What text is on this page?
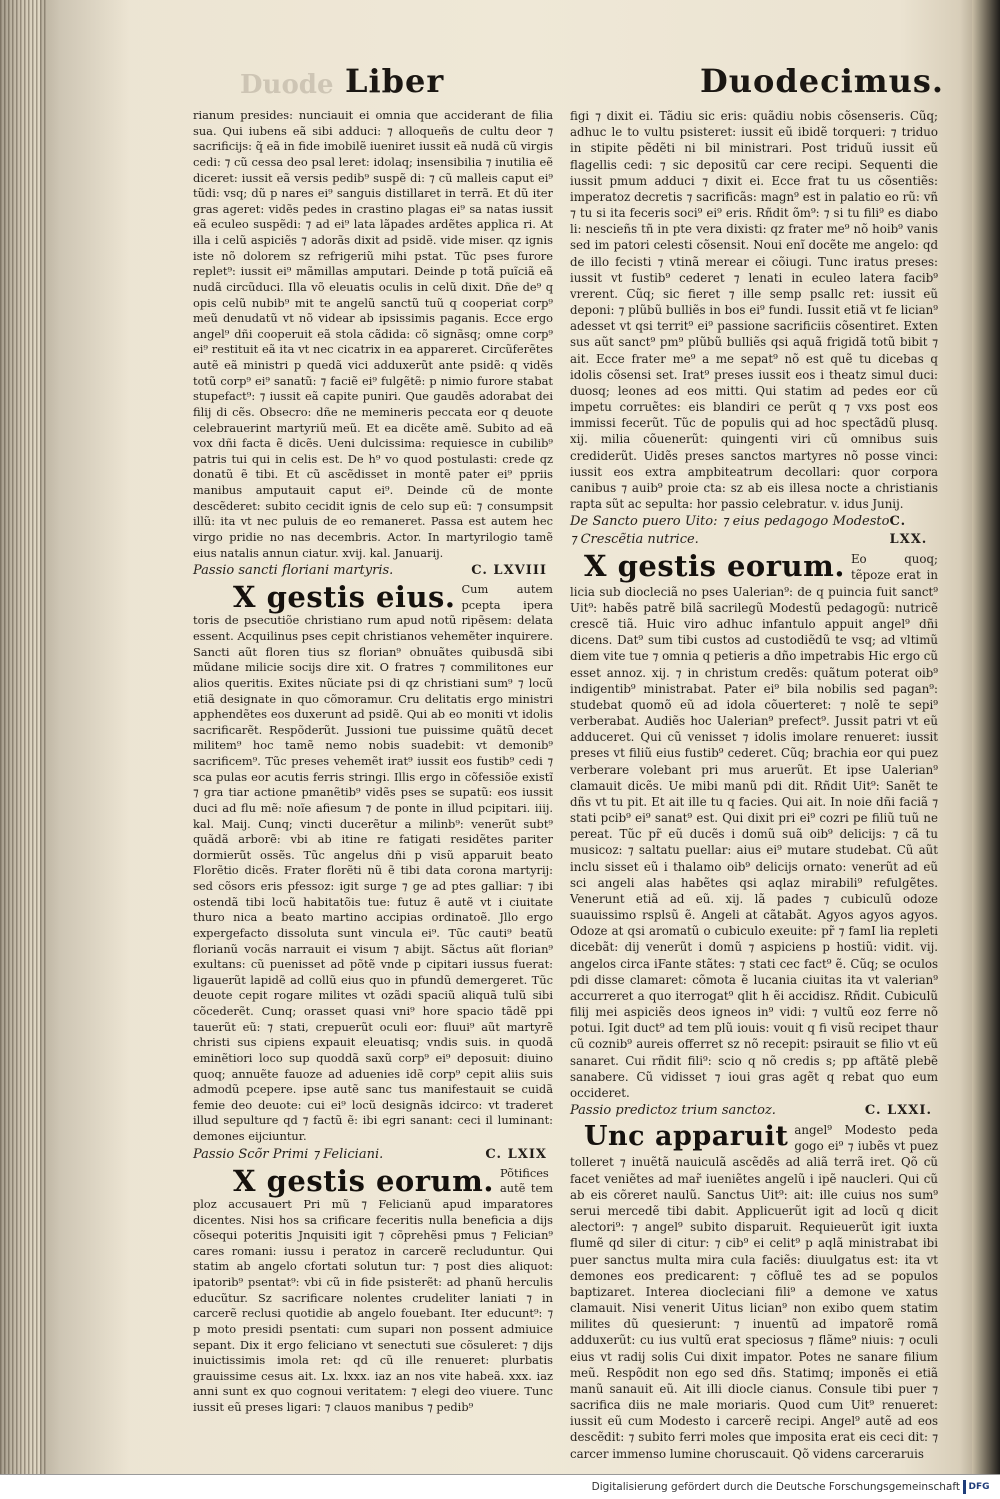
Duode Liber	Duodecimus.

rianum presides: nunciauit ei omnia que acciderant de filia sua. Qui iubens eã sibi adduci: ⁊ alloqueñs de cultu deor ⁊ sacrificijs: q̃ eã in fide imobilẽ iueniret iussit eã nudã cũ virgis cedi: ⁊ cũ cessa deo psal leret: idolaq; insensibilia ⁊ inutilia eẽ diceret: iussit eã versis pedib⁹ suspẽ di: ⁊ cũ malleis caput ei⁹ tũdi: vsq; dũ p nares ei⁹ sanguis distillaret in terrã. Et dũ iter gras ageret: vidẽs pedes in crastino plagas ei⁹ sa natas iussit eã eculeo suspẽdi: ⁊ ad ei⁹ lata lãpades ardẽtes applica ri. At illa i celũ aspiciẽs ⁊ adorãs dixit ad psidẽ. vide miser. qz ignis iste nõ dolorem sz refrigeriũ mihi pstat. Tũc pses furore replet⁹: iussit ei⁹ mãmillas amputari. Deinde p totã puĩciã eã nudã circũduci. Illa võ eleuatis oculis in celũ dixit. Dñe de⁹ q opis celũ nubib⁹ mit te angelũ sanctũ tuũ q cooperiat corp⁹ meũ denudatũ vt nõ videar ab ipsissimis paganis. Ecce ergo angel⁹ dñi cooperuit eã stola cãdida: cõ signãsq; omne corp⁹ ei⁹ restituit eã ita vt nec cicatrix in ea appareret. Circũferẽtes autẽ eã ministri p quedã vici adduxerũt ante psidẽ: q vidẽs totũ corp⁹ ei⁹ sanatũ: ⁊ faciẽ ei⁹ fulgẽtẽ: p nimio furore stabat stupefact⁹: ⁊ iussit eã capite puniri. Que gaudẽs adorabat dei filij di cẽs. Obsecro: dñe ne memineris peccata eor q deuote celebrauerint martyriũ meũ. Et ea dicẽte amẽ. Subito ad eã vox dñi facta ẽ dicẽs. Ueni dulcissima: requiesce in cubilib⁹ patris tui qui in celis est. De h⁹ vo quod postulasti: crede qz donatũ ẽ tibi. Et cũ ascẽdisset in montẽ pater ei⁹ ppriis manibus amputauit caput ei⁹. Deinde cũ de monte descẽderet: subito cecidit ignis de celo sup eũ: ⁊ consumpsit illũ: ita vt nec puluis de eo remaneret. Passa est autem hec virgo pridie no nas decembris. Actor. In martyrilogio tamẽ eius natalis annun ciatur. xvij. kal. Januarij.

Passio sancti floriani martyris.	C. LXVIII
X gestis eius. Cum autem pcepta ipera toris de psecutiõe christiano rum apud notũ ripẽsem: delata essent. Acquilinus pses cepit christianos vehemẽter inquirere. Sancti aũt floren tius sz florian⁹ obnuãtes quibusdã sibi mũdane milicie socijs dire xit. O fratres ⁊ commilitones eur alios queritis. Exites nũciate psi di qz christiani sum⁹ ⁊ locũ etiã designate in quo cõmoramur. Cru delitatis ergo ministri apphendẽtes eos duxerunt ad psidẽ. Qui ab eo moniti vt idolis sacrificarẽt. Respõderũt. Jussioni tue puissime quãtũ decet militem⁹ hoc tamẽ nemo nobis suadebit: vt demonib⁹ sacrificem⁹. Tũc preses vehemẽt irat⁹ iussit eos fustib⁹ cedi ⁊ sca pulas eor acutis ferris stringi. Illis ergo in cõfessiõe existĩ ⁊ gra tiar actione pmanẽtib⁹ vidẽs pses se supatũ: eos iussit duci ad flu mẽ: noĩe afiesum ⁊ de ponte in illud pcipitari. iiij. kal. Maij. Cunq; vincti ducerẽtur a milinb⁹: venerũt subt⁹ quãdã arborẽ: vbi ab itine re fatigati residẽtes pariter dormierũt ossẽs. Tũc angelus dñi p visũ apparuit beato Florẽtio dicẽs. Frater florẽti nũ ẽ tibi data corona martyrij: sed cõsors eris pfessoz: igit surge ⁊ ge ad ptes galliar: ⁊ ibi ostendã tibi locũ habitatõis tue: futuz ẽ autẽ vt i ciuitate thuro nica a beato martino accipias ordinatoẽ. Jllo ergo expergefacto dissoluta sunt vincula ei⁹. Tũc cauti⁹ beatũ florianũ vocãs narrauit ei visum ⁊ abijt. Sãctus aũt florian⁹ exultans: cũ puenisset ad põtẽ vnde p cipitari iussus fuerat: ligauerũt lapidẽ ad collũ eius quo in pfundũ demergeret. Tũc deuote cepit rogare milites vt ozãdi spaciũ aliquã tulũ sibi cõcederẽt. Cunq; orasset quasi vni⁹ hore spacio tãdẽ ppi tauerũt eũ: ⁊ stati, crepuerũt oculi eor: fluui⁹ aũt martyrẽ christi sus cipiens expauit eleuatisq; vndis suis. in quodã eminẽtiori loco sup quoddã saxũ corp⁹ ei⁹ deposuit: diuino quoq; annuẽte fauoze ad aduenies idẽ corp⁹ cepit aliis suis admodũ pcepere. ipse autẽ sanc tus manifestauit se cuidã femie deo deuote: cui ei⁹ locũ designãs idcirco: vt traderet illud sepulture qd ⁊ factũ ẽ: ibi egri sanant: ceci il luminant: demones eijciuntur.
Passio Scõr Primi ⁊ Feliciani.	C. LXIX
X gestis eorum. Põtifices autẽ tem ploz accusauert Pri mũ ⁊ Felicianũ apud imparatores dicentes. Nisi hos sa crificare feceritis nulla beneficia a dijs cõsequi poteritis Jnquisiti igit ⁊ cõprehẽsi pmus ⁊ Felician⁹ cares romani: iussu i peratoz in carcerẽ recluduntur. Qui statim ab angelo cfortati solutun tur: ⁊ post dies aliquot: ipatorib⁹ psentat⁹: vbi cũ in fide psisterẽt: ad phanũ herculis educũtur. Sz sacrificare nolentes crudeliter laniati ⁊ in carcerẽ reclusi quotidie ab angelo fouebant. Iter educunt⁹: ⁊ p moto presidi psentati: cum supari non possent admiuice sepant. Dix it ergo feliciano vt senectuti sue cõsuleret: ⁊ dijs inuictissimis imola ret: qd cũ ille renueret: plurbatis grauissime cesus ait. Lx. lxxx. iaz an nos vite habeã. xxx. iaz anni sunt ex quo cognoui veritatem: ⁊ elegi deo viuere. Tunc iussit eũ preses ligari: ⁊ clauos manibus ⁊ pedib⁹

figi ⁊ dixit ei. Tãdiu sic eris: quãdiu nobis cõsenseris. Cũq; adhuc le to vultu psisteret: iussit eũ ibidẽ torqueri: ⁊ triduo in stipite pẽdẽti ni bil ministrari. Post triduũ iussit eũ flagellis cedi: ⁊ sic depositũ car cere recipi. Sequenti die iussit pmum adduci ⁊ dixit ei. Ecce frat tu us cõsentiẽs: imperatoz decretis ⁊ sacrificãs: magn⁹ est in palatio eo rũ: vñ ⁊ tu si ita feceris soci⁹ ei⁹ eris. Rñdit õm⁹: ⁊ si tu fili⁹ es diabo li: nescieñs tñ in pte vera dixisti: qz frater me⁹ nõ hoib⁹ vanis sed im patori celesti cõsensit. Noui enĩ docẽte me angelo: qd de illo fecisti ⁊ vtinã merear ei cõiugi. Tunc iratus preses: iussit vt fustib⁹ cederet ⁊ lenati in eculeo latera facib⁹ vrerent. Cũq; sic fieret ⁊ ille semp psallc ret: iussit eũ deponi: ⁊ plũbũ bulliẽs in bos ei⁹ fundi. Iussit etiã vt fe lician⁹ adesset vt qsi territ⁹ ei⁹ passione sacrificiis cõsentiret. Exten sus aũt sanct⁹ pm⁹ plũbũ bulliẽs qsi aquã frigidã totũ bibit ⁊ ait. Ecce frater me⁹ a me sepat⁹ nõ est quẽ tu dicebas q idolis cõsensi set. Irat⁹ preses iussit eos i theatz simul duci: duosq; leones ad eos mitti. Qui statim ad pedes eor cũ impetu corruẽtes: eis blandiri ce perũt q ⁊ vxs post eos immissi fecerũt. Tũc de populis qui ad hoc spectãdũ plusq. xij. milia cõuenerũt: quingenti viri cũ omnibus suis crediderũt. Uidẽs preses sanctos martyres nõ posse vinci: iussit eos extra ampbiteatrum decollari: quor corpora canibus ⁊ auib⁹ proie cta: sz ab eis illesa nocte a christianis rapta sũt ac sepulta: hor passio celebratur. v. idus Junij.

De Sancto puero Uito: ⁊ eius pedagogo Modesto ⁊ Crescẽtia nutrice.
C. LXX.
X gestis eorum. Eo quoq; tẽpoze erat in licia sub diocleciã no pses Ualerian⁹: de q puincia fuit sanct⁹ Uit⁹: habẽs patrẽ bilã sacrilegũ Modestũ pedagogũ: nutricẽ crescẽ tiã. Huic viro adhuc infantulo appuit angel⁹ dñi dicens. Dat⁹ sum tibi custos ad custodiẽdũ te vsq; ad vltimũ diem vite tue ⁊ omnia q petieris a dño impetrabis Hic ergo cũ esset annoz. xij. ⁊ in christum credẽs: quãtum poterat oib⁹ indigentib⁹ ministrabat. Pater ei⁹ bila nobilis sed pagan⁹: studebat quomõ eũ ad idola cõuerteret: ⁊ nolẽ te sepi⁹ verberabat. Audiẽs hoc Ualerian⁹ prefect⁹. Jussit patri vt eũ adduceret. Qui cũ venisset ⁊ idolis imolare renueret: iussit preses vt filiũ eius fustib⁹ cederet. Cũq; brachia eor qui puez verberare volebant pri mus aruerũt. Et ipse Ualerian⁹ clamauit dicẽs. Ue mibi manũ pdi dit. Rñdit Uit⁹: Sanẽt te dñs vt tu pit. Et ait ille tu q facies. Qui ait. In noie dñi faciã ⁊ stati pcib⁹ ei⁹ sanat⁹ est. Qui dixit pri ei⁹ cozri pe filiũ tuũ ne pereat. Tũc pr̃ eũ ducẽs i domũ suã oib⁹ delicijs: ⁊ cã tu musicoz: ⁊ saltatu puellar: aius ei⁹ mutare studebat. Cũ aũt inclu sisset eũ i thalamo oib⁹ delicijs ornato: venerũt ad eũ sci angeli alas habẽtes qsi aqlaz mirabili⁹ refulgẽtes. Venerunt etiã ad eũ. xij. lã pades ⁊ cubiculũ odoze suauissimo rsplsũ ẽ. Angeli at cãtabãt. Agyos agyos agyos. Odoze at qsi aromatũ o cubiculo exeuite: pr̃ ⁊ famI lia repleti dicebãt: dij venerũt i domũ ⁊ aspiciens p hostiũ: vidit. vij. angelos circa iFante stãtes: ⁊ stati cec fact⁹ ẽ. Cũq; se oculos pdi disse clamaret: cõmota ẽ lucania ciuitas ita vt valerian⁹ accurreret a quo iterrogat⁹ qlit h ẽi accidisz. Rñdit. Cubiculũ filij mei aspiciẽs deos igneos in⁹ vidi: ⁊ vultũ eoz ferre nõ potui. Igit duct⁹ ad tem plũ iouis: vouit q fi visũ recipet thaur cũ coznib⁹ aureis offerret sz nõ recepit: psirauit se filio vt eũ sanaret. Cui rñdit fili⁹: scio q nõ credis s; pp aftãtẽ plebẽ sanabere. Cũ vidisset ⁊ ioui gras agẽt q rebat quo eum occideret.
Passio predictoz trium sanctoz.	C. LXXI.
Unc apparuit angel⁹ Modesto peda gogo ei⁹ ⁊ iubẽs vt puez tolleret ⁊ inuẽtã nauiculã ascẽdẽs ad aliã terrã iret. Qõ cũ facet veniẽtes ad mar̃ iueniẽtes angelũ i ipẽ naucleri. Qui cũ ab eis cõreret naulũ. Sanctus Uit⁹: ait: ille cuius nos sum⁹ serui mercedẽ tibi dabit. Applicuerũt igit ad locũ q dicit alectori⁹: ⁊ angel⁹ subito disparuit. Requieuerũt igit iuxta flumẽ qd siler di citur: ⁊ cib⁹ ei celit⁹ p aqlã ministrabat ibi puer sanctus multa mira cula faciẽs: diuulgatus est: ita vt demones eos predicarent: ⁊ cõfluẽ tes ad se populos baptizaret. Interea diocleciani fili⁹ a demone ve xatus clamauit. Nisi venerit Uitus lician⁹ non exibo quem statim milites dũ quesierunt: ⁊ inuentũ ad impatorẽ romã adduxerũt: cu ius vultũ erat speciosus ⁊ flãme⁹ niuis: ⁊ oculi eius vt radij solis Cui dixit impator. Potes ne sanare filium meũ. Respõdit non ego sed dñs. Statimq; imponẽs ei etiã manũ sanauit eũ. Ait illi diocle cianus. Consule tibi puer ⁊ sacrifica diis ne male moriaris. Quod cum Uit⁹ renueret: iussit eũ cum Modesto i carcerẽ recipi. Angel⁹ autẽ ad eos descẽdit: ⁊ subito ferri moles que imposita erat eis ceci dit: ⁊ carcer immenso lumine choruscauit. Qõ videns carceraruis
Digitalisierung gefördert durch die Deutsche Forschungsgemeinschaft DFG
